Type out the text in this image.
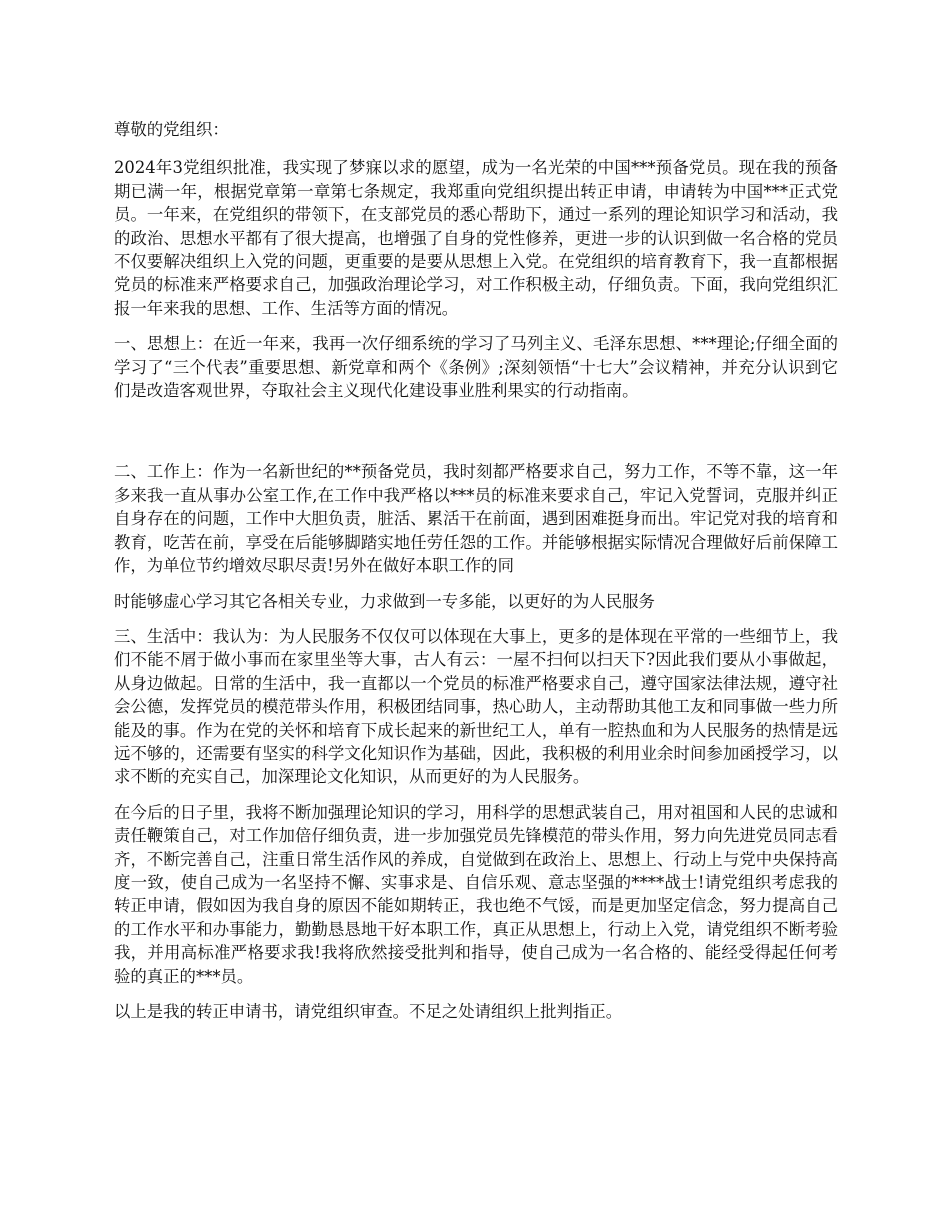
尊敬的党组织：

2024年3党组织批准，我实现了梦寐以求的愿望，成为一名光荣的中国***预备党员。现在我的预备期已满一年，根据党章第一章第七条规定，我郑重向党组织提出转正申请，申请转为中国***正式党员。一年来，在党组织的带领下，在支部党员的悉心帮助下，通过一系列的理论知识学习和活动，我的政治、思想水平都有了很大提高，也增强了自身的党性修养，更进一步的认识到做一名合格的党员不仅要解决组织上入党的问题，更重要的是要从思想上入党。在党组织的培育教育下，我一直都根据党员的标准来严格要求自己，加强政治理论学习，对工作积极主动，仔细负责。下面，我向党组织汇报一年来我的思想、工作、生活等方面的情况。

一、思想上：在近一年来，我再一次仔细系统的学习了马列主义、毛泽东思想、***理论;仔细全面的学习了“三个代表”重要思想、新党章和两个《条例》;深刻领悟“十七大”会议精神，并充分认识到它们是改造客观世界，夺取社会主义现代化建设事业胜利果实的行动指南。

二、工作上：作为一名新世纪的**预备党员，我时刻都严格要求自己，努力工作，不等不靠，这一年多来我一直从事办公室工作,在工作中我严格以***员的标准来要求自己，牢记入党誓词，克服并纠正自身存在的问题，工作中大胆负责，脏活、累活干在前面，遇到困难挺身而出。牢记党对我的培育和教育，吃苦在前，享受在后能够脚踏实地任劳任怨的工作。并能够根据实际情况合理做好后前保障工作，为单位节约增效尽职尽责!另外在做好本职工作的同

时能够虚心学习其它各相关专业，力求做到一专多能，以更好的为人民服务

三、生活中：我认为：为人民服务不仅仅可以体现在大事上，更多的是体现在平常的一些细节上，我们不能不屑于做小事而在家里坐等大事，古人有云：一屋不扫何以扫天下?因此我们要从小事做起，从身边做起。日常的生活中，我一直都以一个党员的标准严格要求自己，遵守国家法律法规，遵守社会公德，发挥党员的模范带头作用，积极团结同事，热心助人，主动帮助其他工友和同事做一些力所能及的事。作为在党的关怀和培育下成长起来的新世纪工人，单有一腔热血和为人民服务的热情是远远不够的，还需要有坚实的科学文化知识作为基础，因此，我积极的利用业余时间参加函授学习，以求不断的充实自己，加深理论文化知识，从而更好的为人民服务。

在今后的日子里，我将不断加强理论知识的学习，用科学的思想武装自己，用对祖国和人民的忠诚和责任鞭策自己，对工作加倍仔细负责，进一步加强党员先锋模范的带头作用，努力向先进党员同志看齐，不断完善自己，注重日常生活作风的养成，自觉做到在政治上、思想上、行动上与党中央保持高度一致，使自己成为一名坚持不懈、实事求是、自信乐观、意志坚强的****战士!请党组织考虑我的转正申请，假如因为我自身的原因不能如期转正，我也绝不气馁，而是更加坚定信念，努力提高自己的工作水平和办事能力，勤勤恳恳地干好本职工作，真正从思想上，行动上入党，请党组织不断考验我，并用高标准严格要求我!我将欣然接受批判和指导，使自己成为一名合格的、能经受得起任何考验的真正的***员。

以上是我的转正申请书，请党组织审查。不足之处请组织上批判指正。
